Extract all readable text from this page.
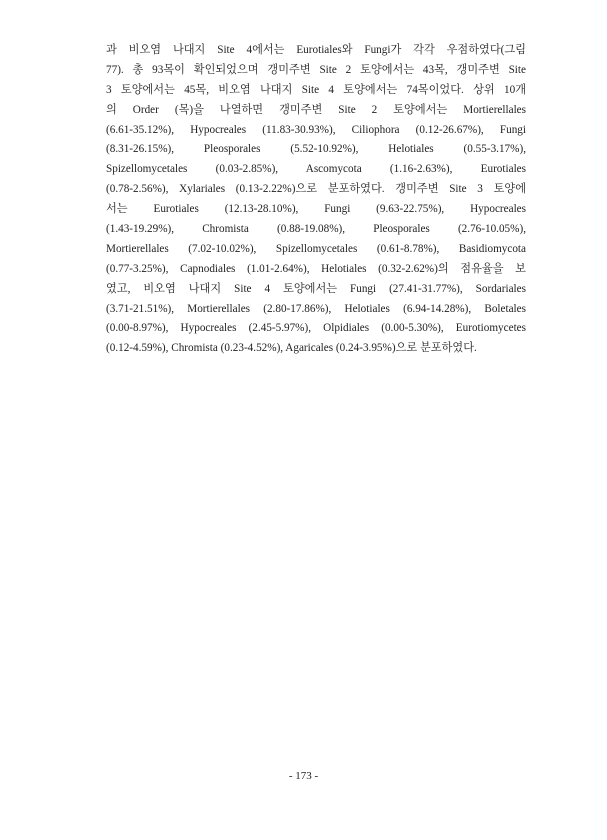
과 비오염 나대지 Site 4에서는 Eurotiales와 Fungi가 각각 우점하였다(그림
77). 총 93목이 확인되었으며 갱미주변 Site 2 토양에서는 43목, 갱미주변 Site
3 토양에서는 45목, 비오염 나대지 Site 4 토양에서는 74목이었다. 상위 10개
의 Order (목)을 나열하면 갱미주변 Site 2 토양에서는 Mortierellales
(6.61-35.12%), Hypocreales (11.83-30.93%), Ciliophora (0.12-26.67%), Fungi
(8.31-26.15%), Pleosporales (5.52-10.92%), Helotiales (0.55-3.17%),
Spizellomycetales (0.03-2.85%), Ascomycota (1.16-2.63%), Eurotiales
(0.78-2.56%), Xylariales (0.13-2.22%)으로 분포하였다. 갱미주변 Site 3 토양에
서는 Eurotiales (12.13-28.10%), Fungi (9.63-22.75%), Hypocreales
(1.43-19.29%), Chromista (0.88-19.08%), Pleosporales (2.76-10.05%),
Mortierellales (7.02-10.02%), Spizellomycetales (0.61-8.78%), Basidiomycota
(0.77-3.25%), Capnodiales (1.01-2.64%), Helotiales (0.32-2.62%)의 점유율을 보
였고, 비오염 나대지 Site 4 토양에서는 Fungi (27.41-31.77%), Sordariales
(3.71-21.51%), Mortierellales (2.80-17.86%), Helotiales (6.94-14.28%), Boletales
(0.00-8.97%), Hypocreales (2.45-5.97%), Olpidiales (0.00-5.30%), Eurotiomycetes
(0.12-4.59%), Chromista (0.23-4.52%), Agaricales (0.24-3.95%)으로 분포하였다.

- 173 -
